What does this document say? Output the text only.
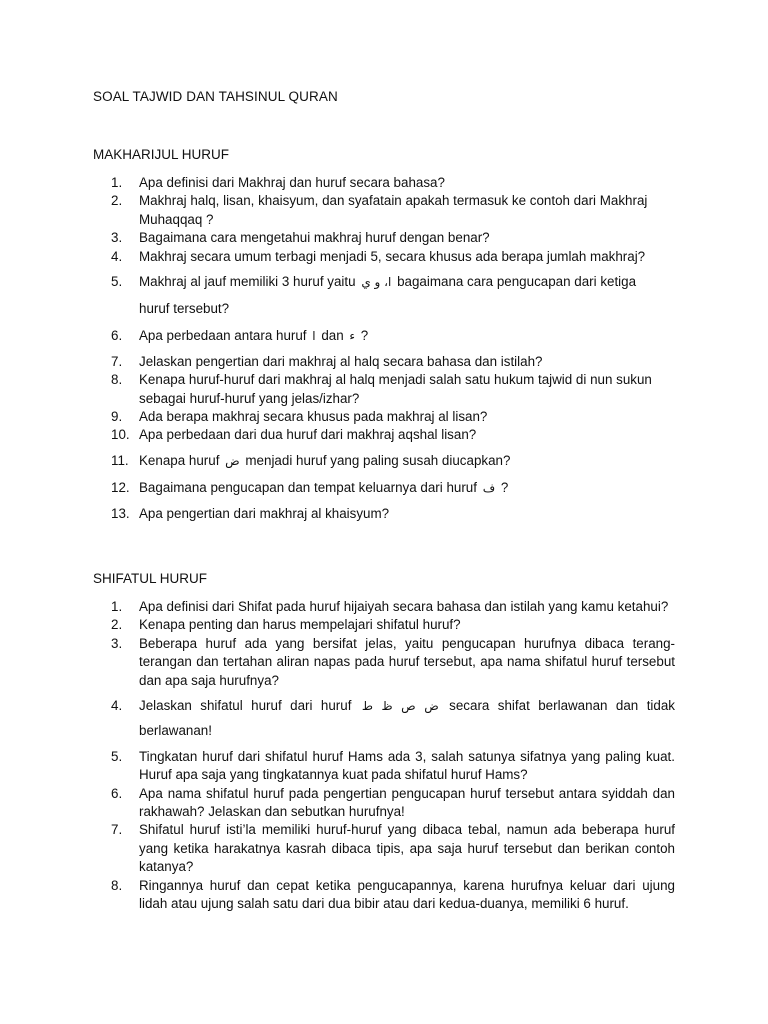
SOAL TAJWID DAN TAHSINUL QURAN

MAKHARIJUL HURUF

1.	Apa definisi dari Makhraj dan huruf secara bahasa?
2.	Makhraj halq, lisan, khaisyum, dan syafatain apakah termasuk ke contoh dari Makhraj Muhaqqaq ?
3.	Bagaimana cara mengetahui makhraj huruf dengan benar?
4.	Makhraj secara umum terbagi menjadi 5, secara khusus ada berapa jumlah makhraj?
5.	Makhraj al jauf memiliki 3 huruf yaitu ا، و ي bagaimana cara pengucapan dari ketiga
huruf tersebut?
6.	Apa perbedaan antara huruf ا dan ء ?
7.	Jelaskan pengertian dari makhraj al halq secara bahasa dan istilah?
8.	Kenapa huruf-huruf dari makhraj al halq menjadi salah satu hukum tajwid di nun sukun sebagai huruf-huruf yang jelas/izhar?
9.	Ada berapa makhraj secara khusus pada makhraj al lisan?
10. Apa perbedaan dari dua huruf dari makhraj aqshal lisan?
11. Kenapa huruf ض menjadi huruf yang paling susah diucapkan?
12. Bagaimana pengucapan dan tempat keluarnya dari huruf ف ?
13. Apa pengertian dari makhraj al khaisyum?

SHIFATUL HURUF

1.	Apa definisi dari Shifat pada huruf hijaiyah secara bahasa dan istilah yang kamu ketahui?
2.	Kenapa penting dan harus mempelajari shifatul huruf?
3.	Beberapa huruf ada yang bersifat jelas, yaitu pengucapan hurufnya dibaca terang-terangan dan tertahan aliran napas pada huruf tersebut, apa nama shifatul huruf tersebut dan apa saja hurufnya?
4.	Jelaskan shifatul huruf dari huruf ض ص ظ ط secara shifat berlawanan dan tidak
berlawanan!
5.	Tingkatan huruf dari shifatul huruf Hams ada 3, salah satunya sifatnya yang paling kuat. Huruf apa saja yang tingkatannya kuat pada shifatul huruf Hams?
6.	Apa nama shifatul huruf pada pengertian pengucapan huruf tersebut antara syiddah dan rakhawah? Jelaskan dan sebutkan hurufnya!
7.	Shifatul huruf isti’la memiliki huruf-huruf yang dibaca tebal, namun ada beberapa huruf yang ketika harakatnya kasrah dibaca tipis, apa saja huruf tersebut dan berikan contoh katanya?
8.	Ringannya huruf dan cepat ketika pengucapannya, karena hurufnya keluar dari ujung lidah atau ujung salah satu dari dua bibir atau dari kedua-duanya, memiliki 6 huruf.
